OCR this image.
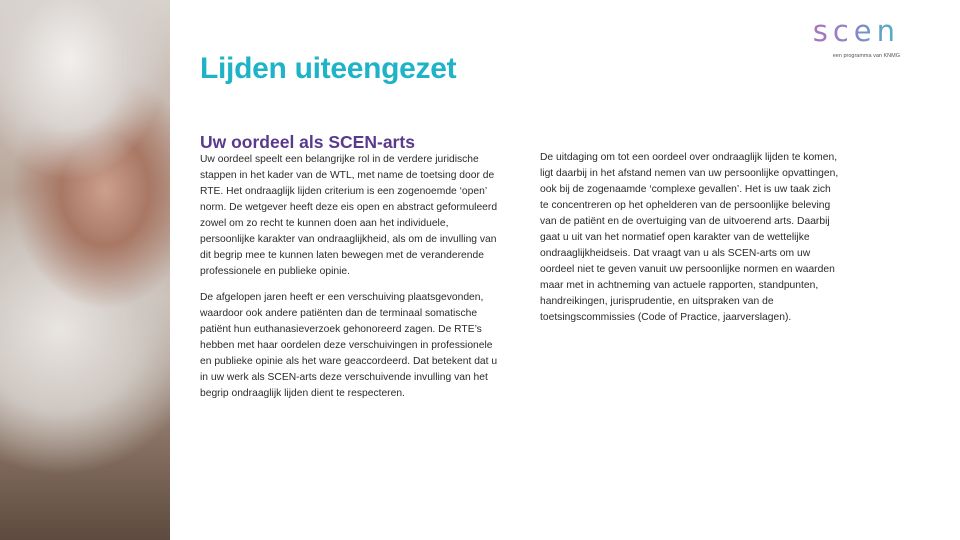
scen
een programma van KNMG
Lijden uiteengezet
Uw oordeel als SCEN-arts

Uw oordeel speelt een belangrijke rol in de verdere juridische stappen in het kader van de WTL, met name de toetsing door de RTE. Het ondraaglijk lijden criterium is een zogenoemde ‘open’ norm. De wetgever heeft deze eis open en abstract geformuleerd zowel om zo recht te kunnen doen aan het individuele, persoonlijke karakter van ondraaglijkheid, als om de invulling van dit begrip mee te kunnen laten bewegen met de veranderende professionele en publieke opinie.

De afgelopen jaren heeft er een verschuiving plaatsgevonden, waardoor ook andere patiënten dan de terminaal somatische patiënt hun euthanasieverzoek gehonoreerd zagen. De RTE’s hebben met haar oordelen deze verschuivingen in professionele en publieke opinie als het ware geaccordeerd. Dat betekent dat u in uw werk als SCEN-arts deze verschuivende invulling van het begrip ondraaglijk lijden dient te respecteren.

De uitdaging om tot een oordeel over ondraaglijk lijden te komen, ligt daarbij in het afstand nemen van uw persoonlijke opvattingen, ook bij de zogenaamde ‘complexe gevallen’. Het is uw taak zich te concentreren op het ophelderen van de persoonlijke beleving van de patiënt en de overtuiging van de uitvoerend arts. Daarbij gaat u uit van het normatief open karakter van de wettelijke ondraaglijkheidseis. Dat vraagt van u als SCEN-arts om uw oordeel niet te geven vanuit uw persoonlijke normen en waarden maar met in achtneming van actuele rapporten, standpunten, handreikingen, jurisprudentie, en uitspraken van de toetsingscommissies (Code of Practice, jaarverslagen).
